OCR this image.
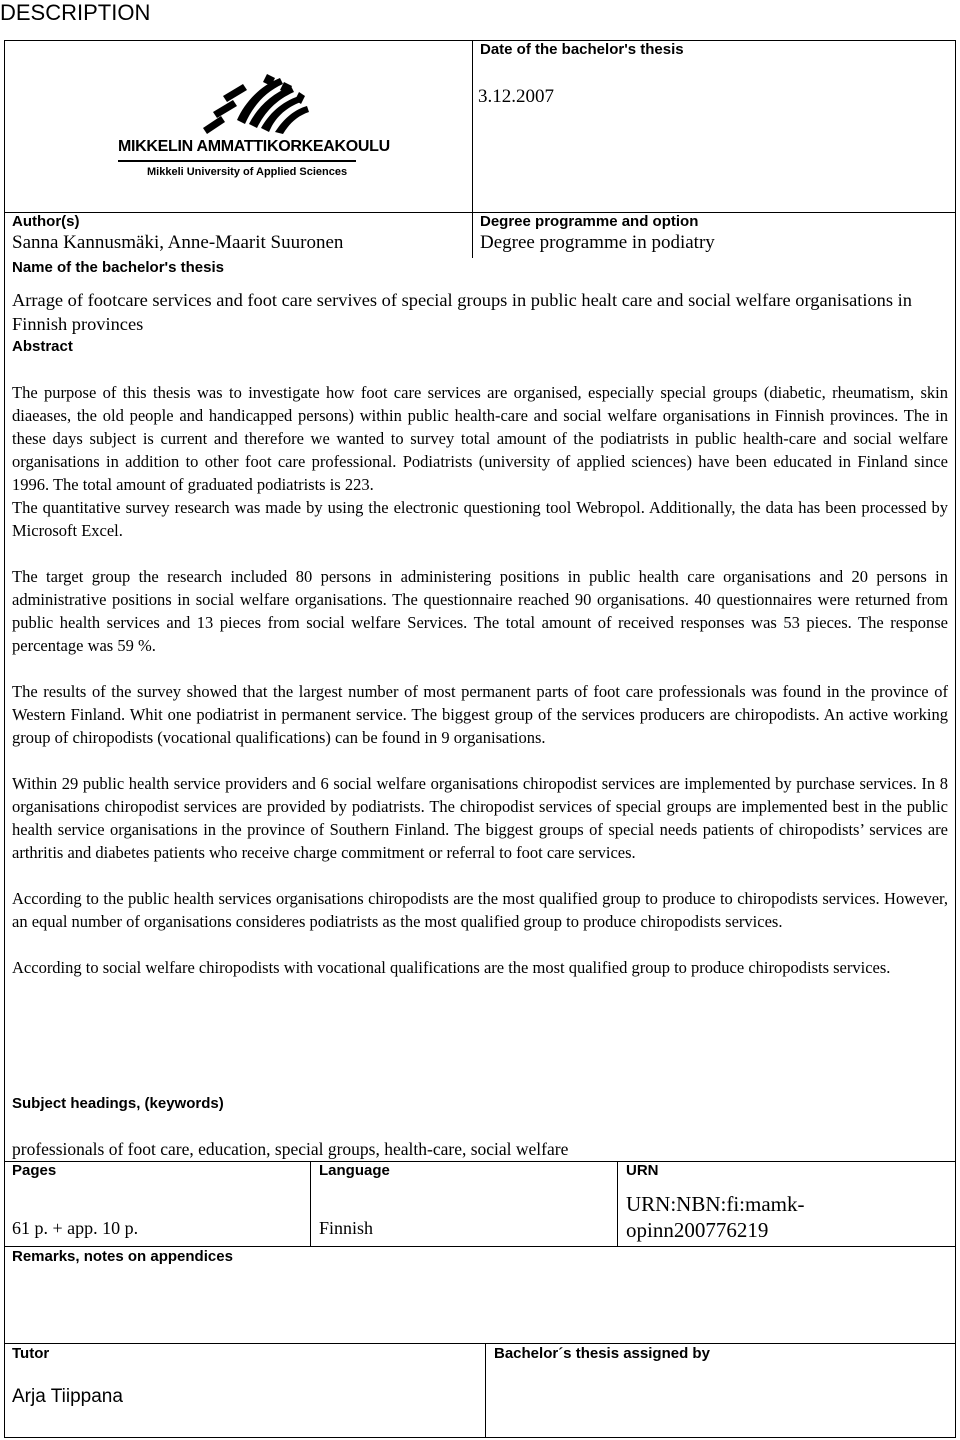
DESCRIPTION
MIKKELIN AMMATTIKORKEAKOULU
Mikkeli University of Applied Sciences
Date of the bachelor's thesis
3.12.2007
Author(s)
Sanna Kannusmäki, Anne-Maarit Suuronen
Degree programme and option
Degree programme in podiatry
Name of the bachelor's thesis
Arrage of footcare services and foot care servives of special groups in public healt care and social welfare organisations in Finnish provinces
Abstract

The purpose of this thesis was to investigate how foot care services are organised, especially special groups (diabetic, rheumatism, skin diaeases, the old people and handicapped persons) within public health-care and social welfare organisations in Finnish provinces. The in these days subject is current and therefore we wanted to survey total amount of the podiatrists in public health-care and social welfare organisations in addition to other foot care professional. Podiatrists (university of applied sciences) have been educated in Finland since 1996. The total amount of graduated podiatrists is 223.

The quantitative survey research was made by using the electronic questioning tool Webropol. Additionally, the data has been processed by Microsoft Excel.

The target group the research included 80 persons in administering positions in public health care organisations and 20 persons in administrative positions in social welfare organisations. The questionnaire reached 90 organisations. 40 questionnaires were returned from public health services and 13 pieces from social welfare Services. The total amount of received responses was 53 pieces. The response percentage was 59 %.

The results of the survey showed that the largest number of most permanent parts of foot care professionals was found in the province of Western Finland. Whit one podiatrist in permanent service. The biggest group of the services producers are chiropodists. An active working group of chiropodists (vocational qualifications) can be found in 9 organisations.

Within 29 public health service providers and 6 social welfare organisations chiropodist services are implemented by purchase services. In 8 organisations chiropodist services are provided by podiatrists. The chiropodist services of special groups are implemented best in the public health service organisations in the province of Southern Finland. The biggest groups of special needs patients of chiropodists’ services are arthritis and diabetes patients who receive charge commitment or referral to foot care services.

According to the public health services organisations chiropodists are the most qualified group to produce to chiropodists services. However, an equal number of organisations consideres podiatrists as the most qualified group to produce chiropodists services.

According to social welfare chiropodists with vocational qualifications are the most qualified group to produce chiropodists services.

Subject headings, (keywords)
professionals of foot care, education, special groups, health-care, social welfare
Pages
61 p. + app. 10 p.
Language
Finnish
URN
URN:NBN:fi:mamk-
opinn200776219
Remarks, notes on appendices
Tutor
Arja Tiippana
Bachelor´s thesis assigned by
